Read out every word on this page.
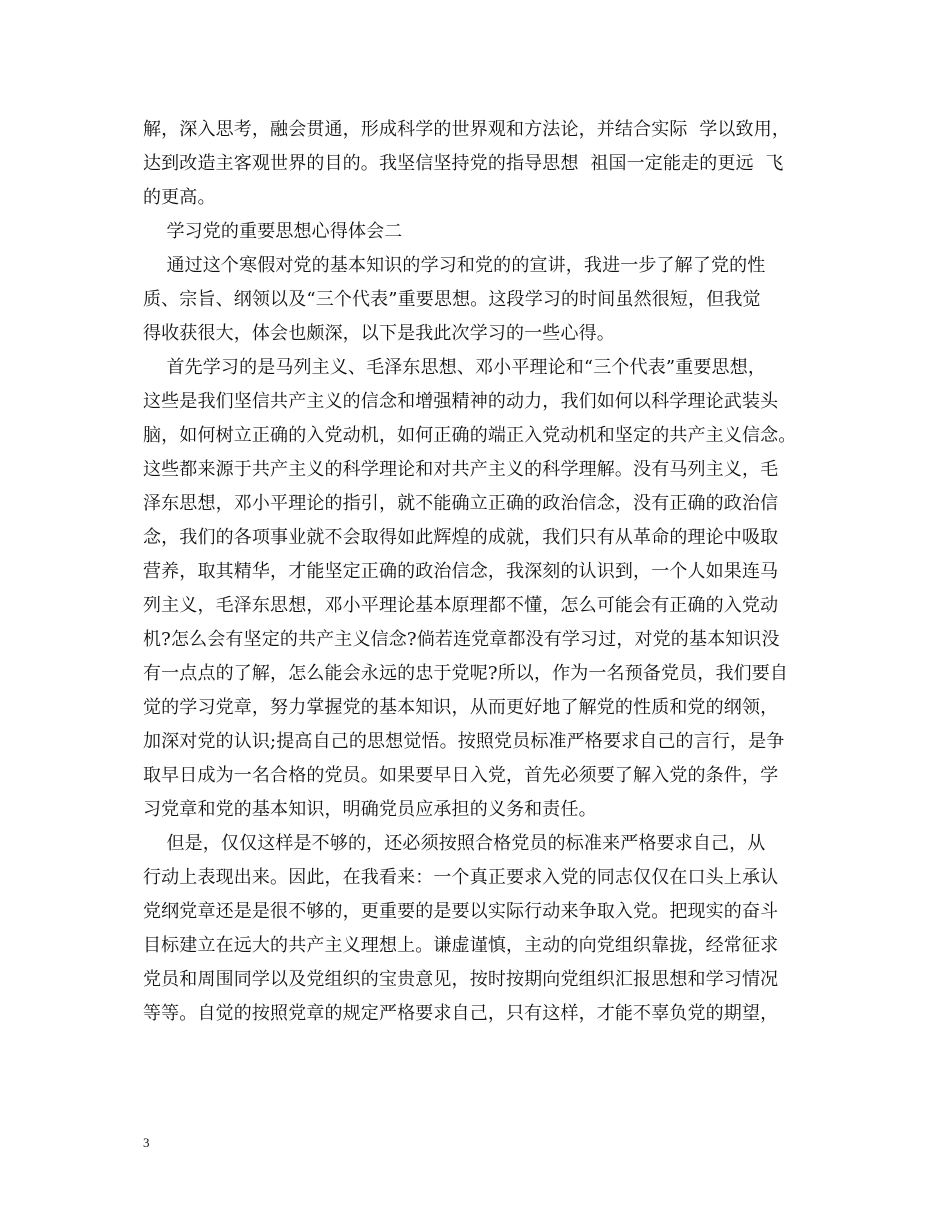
解，深入思考，融会贯通，形成科学的世界观和方法论，并结合实际  学以致用，
达到改造主客观世界的目的。我坚信坚持党的指导思想  祖国一定能走的更远  飞
的更高。
学习党的重要思想心得体会二
通过这个寒假对党的基本知识的学习和党的的宣讲，我进一步了解了党的性
质、宗旨、纲领以及“三个代表”重要思想。这段学习的时间虽然很短，但我觉
得收获很大，体会也颇深，以下是我此次学习的一些心得。
首先学习的是马列主义、毛泽东思想、邓小平理论和“三个代表”重要思想，
这些是我们坚信共产主义的信念和增强精神的动力，我们如何以科学理论武装头
脑，如何树立正确的入党动机，如何正确的端正入党动机和坚定的共产主义信念。
这些都来源于共产主义的科学理论和对共产主义的科学理解。没有马列主义，毛
泽东思想，邓小平理论的指引，就不能确立正确的政治信念，没有正确的政治信
念，我们的各项事业就不会取得如此辉煌的成就，我们只有从革命的理论中吸取
营养，取其精华，才能坚定正确的政治信念，我深刻的认识到，一个人如果连马
列主义，毛泽东思想，邓小平理论基本原理都不懂，怎么可能会有正确的入党动
机?怎么会有坚定的共产主义信念?倘若连党章都没有学习过，对党的基本知识没
有一点点的了解，怎么能会永远的忠于党呢?所以，作为一名预备党员，我们要自
觉的学习党章，努力掌握党的基本知识，从而更好地了解党的性质和党的纲领，
加深对党的认识;提高自己的思想觉悟。按照党员标准严格要求自己的言行，是争
取早日成为一名合格的党员。如果要早日入党，首先必须要了解入党的条件，学
习党章和党的基本知识，明确党员应承担的义务和责任。
但是，仅仅这样是不够的，还必须按照合格党员的标准来严格要求自己，从
行动上表现出来。因此，在我看来：一个真正要求入党的同志仅仅在口头上承认
党纲党章还是是很不够的，更重要的是要以实际行动来争取入党。把现实的奋斗
目标建立在远大的共产主义理想上。谦虚谨慎，主动的向党组织靠拢，经常征求
党员和周围同学以及党组织的宝贵意见，按时按期向党组织汇报思想和学习情况
等等。自觉的按照党章的规定严格要求自己，只有这样，才能不辜负党的期望，
3
